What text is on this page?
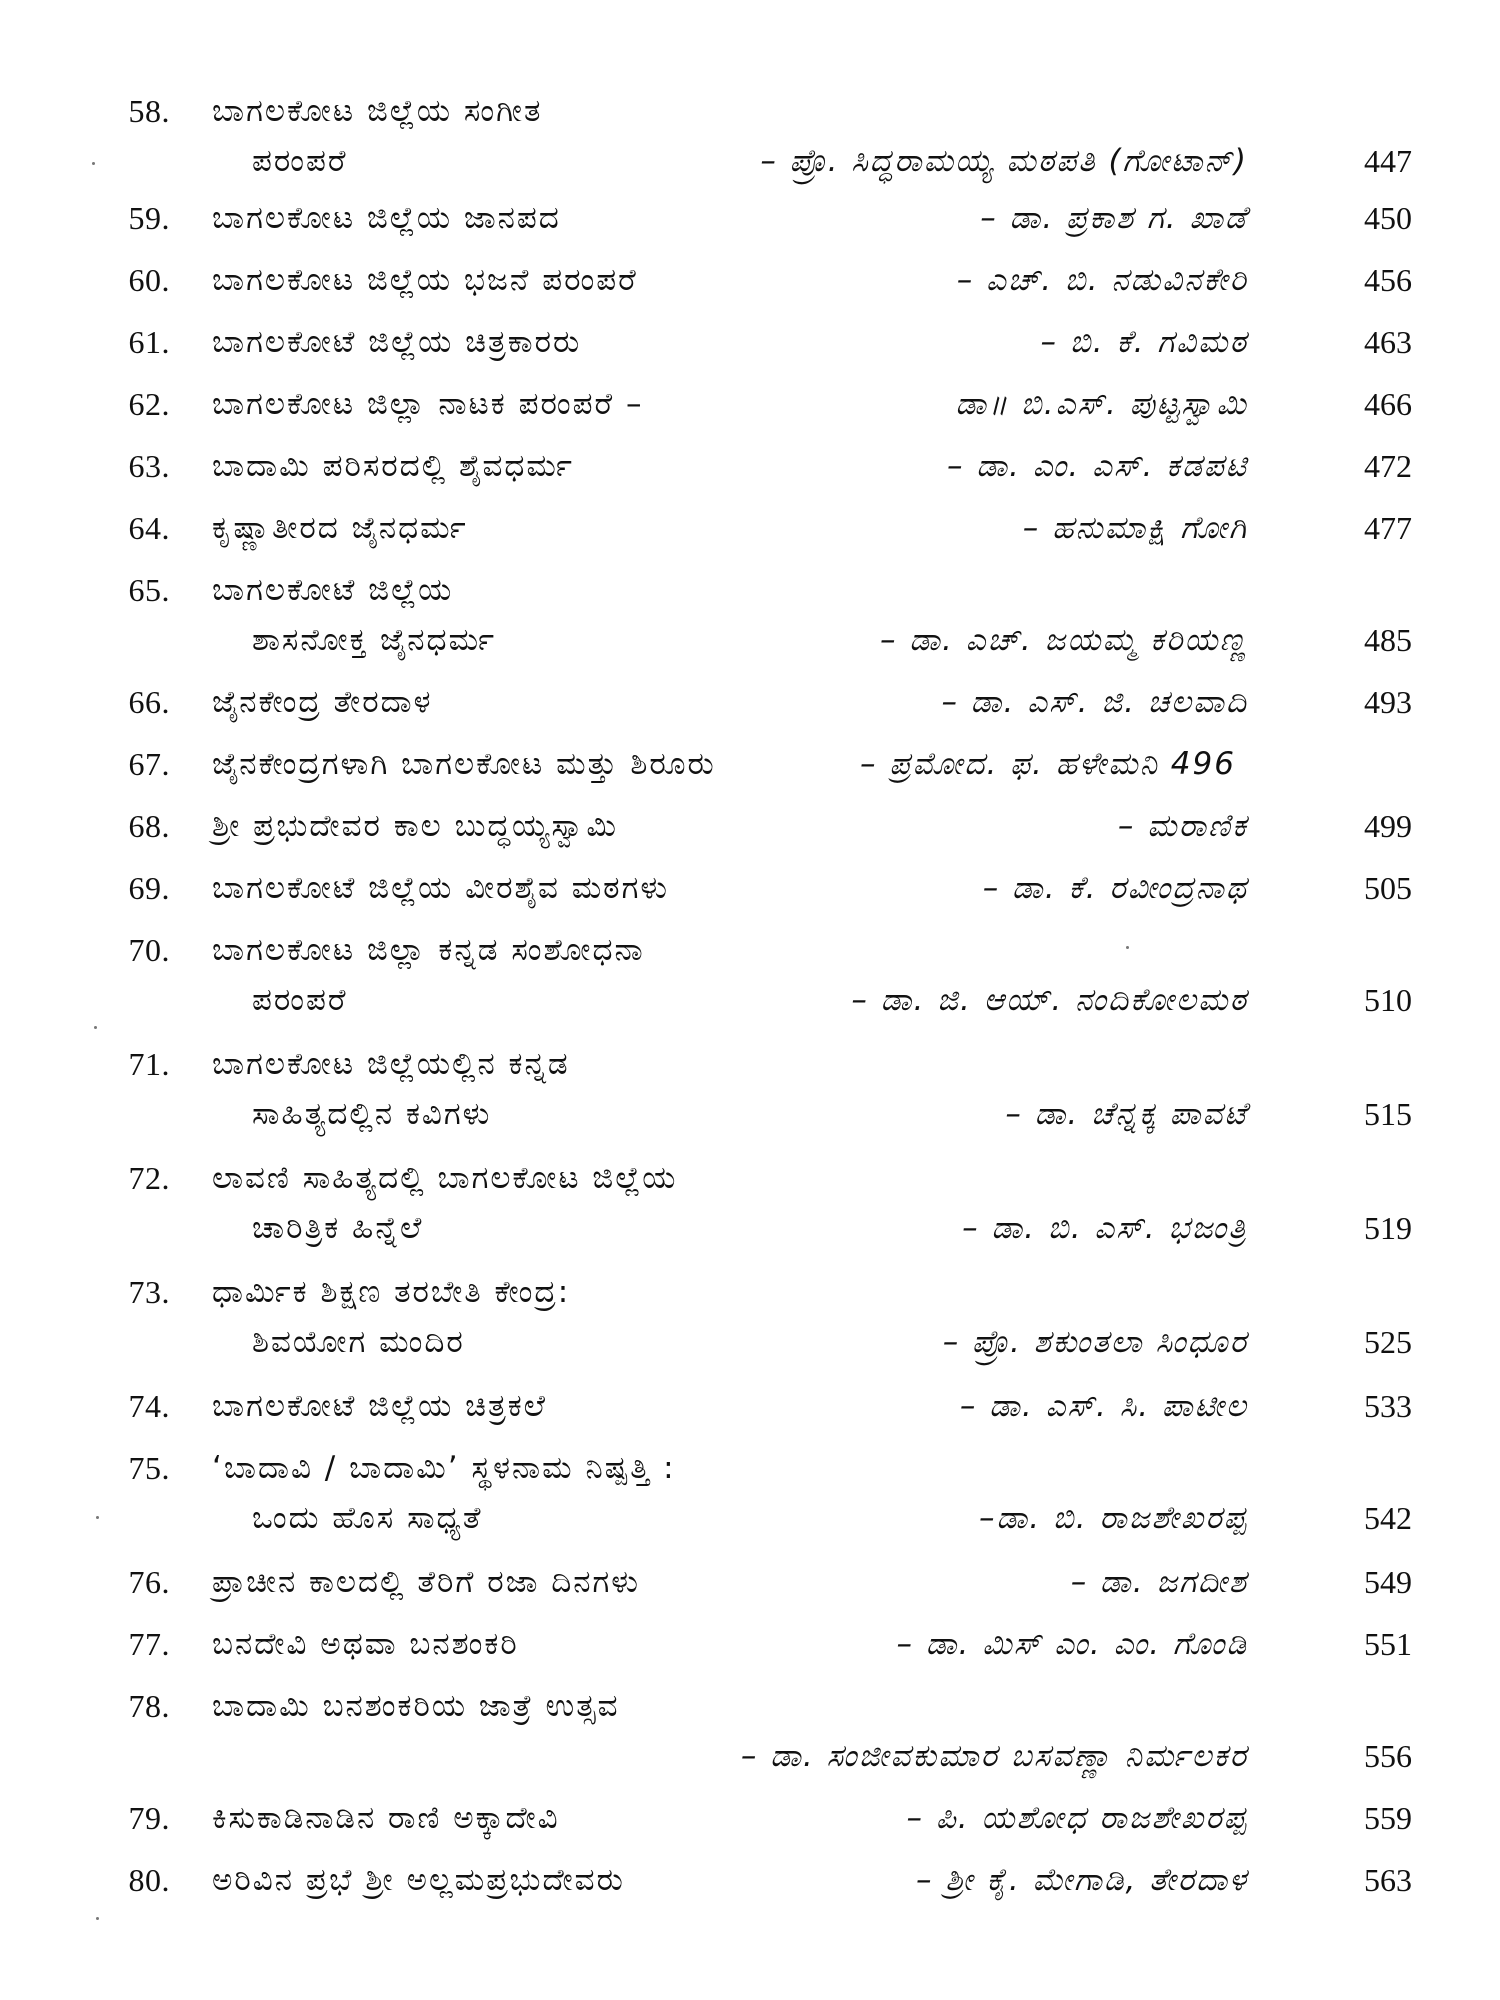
58. ಬಾಗಲಕೋಟ ಜಿಲ್ಲೆಯ ಸಂಗೀತ
ಪರಂಪರೆ	– ಪ್ರೊ. ಸಿದ್ಧರಾಮಯ್ಯ ಮಠಪತಿ (ಗೋಟಾನ್)	447
59. ಬಾಗಲಕೋಟ ಜಿಲ್ಲೆಯ ಜಾನಪದ	– ಡಾ. ಪ್ರಕಾಶ ಗ. ಖಾಡೆ	450
60. ಬಾಗಲಕೋಟ ಜಿಲ್ಲೆಯ ಭಜನೆ ಪರಂಪರೆ	– ಎಚ್. ಬಿ. ನಡುವಿನಕೇರಿ	456
61. ಬಾಗಲಕೋಟೆ ಜಿಲ್ಲೆಯ ಚಿತ್ರಕಾರರು	– ಬಿ. ಕೆ. ಗವಿಮಠ	463
62. ಬಾಗಲಕೋಟ ಜಿಲ್ಲಾ ನಾಟಕ ಪರಂಪರೆ –	ಡಾ॥ ಬಿ.ಎಸ್. ಪುಟ್ಟಸ್ವಾಮಿ	466
63. ಬಾದಾಮಿ ಪರಿಸರದಲ್ಲಿ ಶೈವಧರ್ಮ	– ಡಾ. ಎಂ. ಎಸ್. ಕಡಪಟಿ	472
64. ಕೃಷ್ಣಾತೀರದ ಜೈನಧರ್ಮ	– ಹನುಮಾಕ್ಷಿ ಗೋಗಿ	477
65. ಬಾಗಲಕೋಟೆ ಜಿಲ್ಲೆಯ
ಶಾಸನೋಕ್ತ ಜೈನಧರ್ಮ	– ಡಾ. ಎಚ್. ಜಯಮ್ಮ ಕರಿಯಣ್ಣ	485
66. ಜೈನಕೇಂದ್ರ ತೇರದಾಳ	– ಡಾ. ಎಸ್. ಜಿ. ಚಲವಾದಿ	493
67. ಜೈನಕೇಂದ್ರಗಳಾಗಿ ಬಾಗಲಕೋಟ ಮತ್ತು ಶಿರೂರು	– ಪ್ರಮೋದ. ಫ. ಹಳೇಮನಿ 496
68. ಶ್ರೀ ಪ್ರಭುದೇವರ ಕಾಲ ಬುದ್ಧಯ್ಯಸ್ವಾಮಿ	– ಮರಾಣಿಕ	499
69. ಬಾಗಲಕೋಟೆ ಜಿಲ್ಲೆಯ ವೀರಶೈವ ಮಠಗಳು	– ಡಾ. ಕೆ. ರವೀಂದ್ರನಾಥ	505
70. ಬಾಗಲಕೋಟ ಜಿಲ್ಲಾ ಕನ್ನಡ ಸಂಶೋಧನಾ
ಪರಂಪರೆ	– ಡಾ. ಜಿ. ಆಯ್. ನಂದಿಕೋಲಮಠ	510
71. ಬಾಗಲಕೋಟ ಜಿಲ್ಲೆಯಲ್ಲಿನ ಕನ್ನಡ
ಸಾಹಿತ್ಯದಲ್ಲಿನ ಕವಿಗಳು	– ಡಾ. ಚೆನ್ನಕ್ಕ ಪಾವಟೆ	515
72. ಲಾವಣಿ ಸಾಹಿತ್ಯದಲ್ಲಿ ಬಾಗಲಕೋಟ ಜಿಲ್ಲೆಯ
ಚಾರಿತ್ರಿಕ ಹಿನ್ನೆಲೆ	– ಡಾ. ಬಿ. ಎಸ್. ಭಜಂತ್ರಿ	519
73. ಧಾರ್ಮಿಕ ಶಿಕ್ಷಣ ತರಬೇತಿ ಕೇಂದ್ರ:
ಶಿವಯೋಗ ಮಂದಿರ	– ಪ್ರೊ. ಶಕುಂತಲಾ ಸಿಂಧೂರ	525
74. ಬಾಗಲಕೋಟೆ ಜಿಲ್ಲೆಯ ಚಿತ್ರಕಲೆ	– ಡಾ. ಎಸ್. ಸಿ. ಪಾಟೀಲ	533
75. ‘ಬಾದಾವಿ / ಬಾದಾಮಿ’ ಸ್ಥಳನಾಮ ನಿಷ್ಪತ್ತಿ :
ಒಂದು ಹೊಸ ಸಾಧ್ಯತೆ	–ಡಾ. ಬಿ. ರಾಜಶೇಖರಪ್ಪ	542
76. ಪ್ರಾಚೀನ ಕಾಲದಲ್ಲಿ ತೆರಿಗೆ ರಜಾ ದಿನಗಳು	– ಡಾ. ಜಗದೀಶ	549
77. ಬನದೇವಿ ಅಥವಾ ಬನಶಂಕರಿ	– ಡಾ. ಮಿಸ್ ಎಂ. ಎಂ. ಗೊಂಡಿ	551
78. ಬಾದಾಮಿ ಬನಶಂಕರಿಯ ಜಾತ್ರೆ ಉತ್ಸವ
– ಡಾ. ಸಂಜೀವಕುಮಾರ ಬಸವಣ್ಣಾ ನಿರ್ಮಲಕರ	556
79. ಕಿಸುಕಾಡಿನಾಡಿನ ರಾಣಿ ಅಕ್ಕಾದೇವಿ	– ಪಿ. ಯಶೋಧ ರಾಜಶೇಖರಪ್ಪ	559
80. ಅರಿವಿನ ಪ್ರಭೆ ಶ್ರೀ ಅಲ್ಲಮಪ್ರಭುದೇವರು	– ಶ್ರೀ ಕೈ. ಮೇಗಾಡಿ, ತೇರದಾಳ	563
